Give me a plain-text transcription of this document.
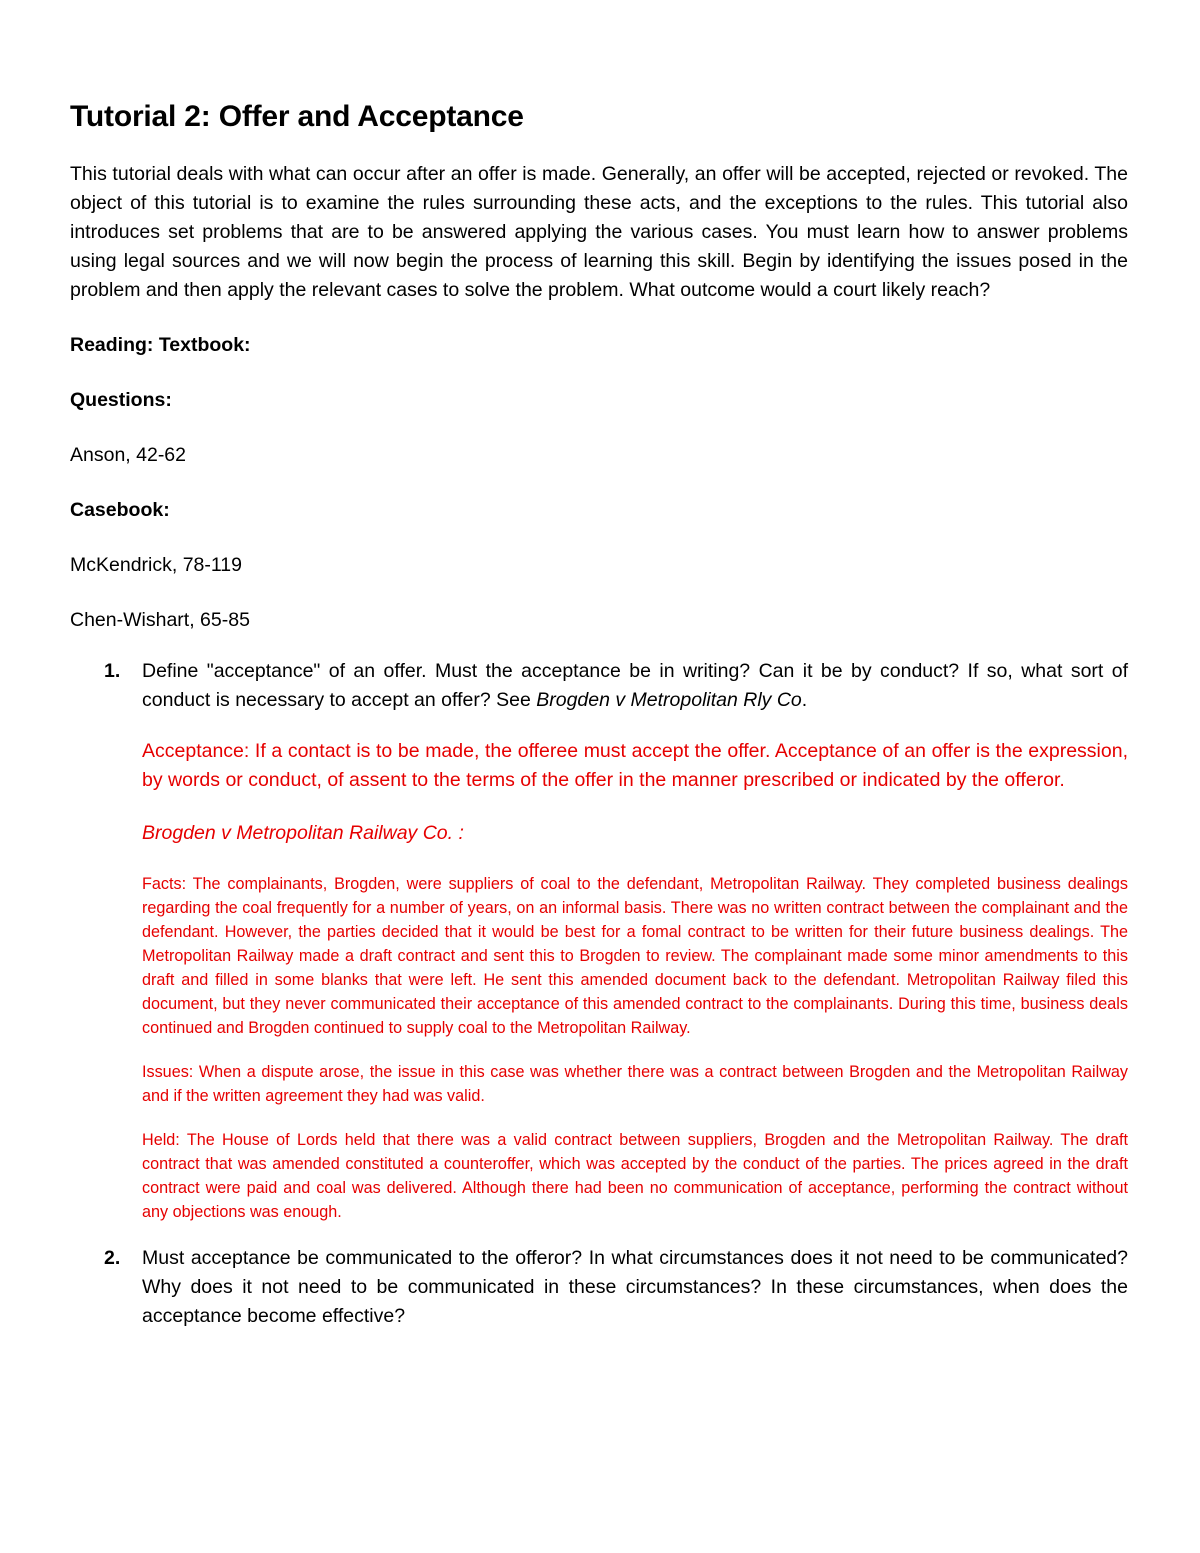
Tutorial 2: Offer and Acceptance
This tutorial deals with what can occur after an offer is made. Generally, an offer will be accepted, rejected or revoked. The object of this tutorial is to examine the rules surrounding these acts, and the exceptions to the rules. This tutorial also introduces set problems that are to be answered applying the various cases. You must learn how to answer problems using legal sources and we will now begin the process of learning this skill. Begin by identifying the issues posed in the problem and then apply the relevant cases to solve the problem. What outcome would a court likely reach?
Reading: Textbook:
Questions:
Anson, 42-62
Casebook:
McKendrick, 78-119
Chen-Wishart, 65-85
1. Define "acceptance" of an offer. Must the acceptance be in writing? Can it be by conduct? If so, what sort of conduct is necessary to accept an offer? See Brogden v Metropolitan Rly Co.
Acceptance: If a contact is to be made, the offeree must accept the offer. Acceptance of an offer is the expression, by words or conduct, of assent to the terms of the offer in the manner prescribed or indicated by the offeror.
Brogden v Metropolitan Railway Co. :
Facts: The complainants, Brogden, were suppliers of coal to the defendant, Metropolitan Railway. They completed business dealings regarding the coal frequently for a number of years, on an informal basis. There was no written contract between the complainant and the defendant. However, the parties decided that it would be best for a fomal contract to be written for their future business dealings. The Metropolitan Railway made a draft contract and sent this to Brogden to review. The complainant made some minor amendments to this draft and filled in some blanks that were left. He sent this amended document back to the defendant. Metropolitan Railway filed this document, but they never communicated their acceptance of this amended contract to the complainants. During this time, business deals continued and Brogden continued to supply coal to the Metropolitan Railway.
Issues: When a dispute arose, the issue in this case was whether there was a contract between Brogden and the Metropolitan Railway and if the written agreement they had was valid.
Held: The House of Lords held that there was a valid contract between suppliers, Brogden and the Metropolitan Railway. The draft contract that was amended constituted a counteroffer, which was accepted by the conduct of the parties. The prices agreed in the draft contract were paid and coal was delivered. Although there had been no communication of acceptance, performing the contract without any objections was enough.
2. Must acceptance be communicated to the offeror? In what circumstances does it not need to be communicated? Why does it not need to be communicated in these circumstances? In these circumstances, when does the acceptance become effective?
